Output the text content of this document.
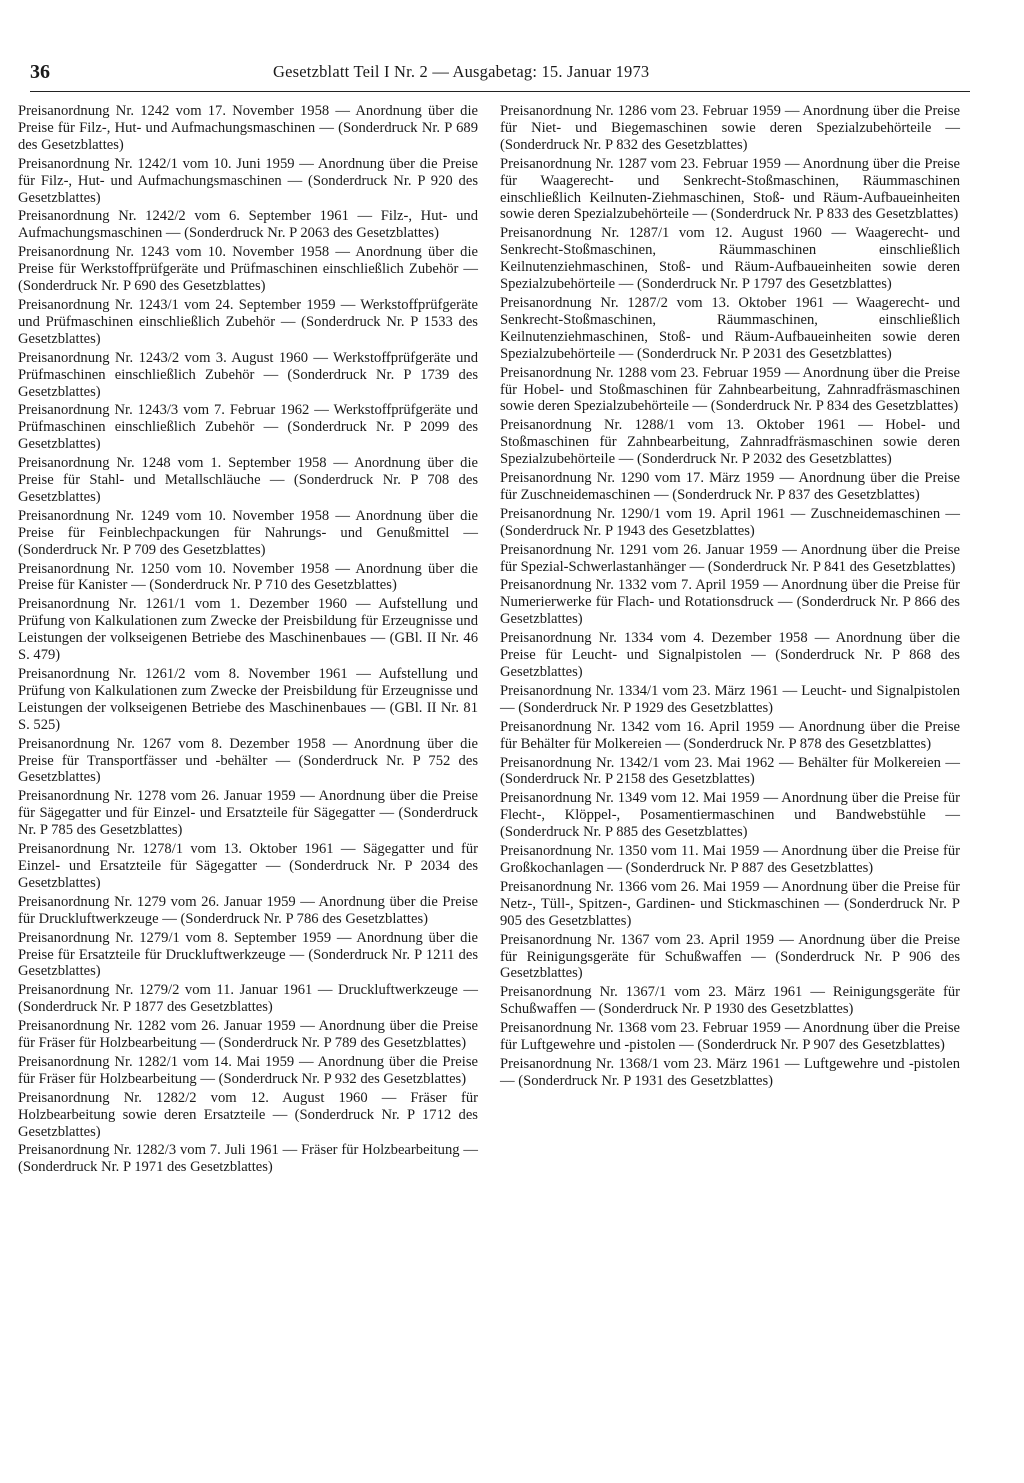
36	Gesetzblatt Teil I Nr. 2 — Ausgabetag: 15. Januar 1973

Preisanordnung Nr. 1242 vom 17. November 1958 — Anordnung über die Preise für Filz-, Hut- und Aufmachungsmaschinen — (Sonderdruck Nr. P 689 des Gesetzblattes)

Preisanordnung Nr. 1242/1 vom 10. Juni 1959 — Anordnung über die Preise für Filz-, Hut- und Aufmachungsmaschinen — (Sonderdruck Nr. P 920 des Gesetzblattes)

Preisanordnung Nr. 1242/2 vom 6. September 1961 — Filz-, Hut- und Aufmachungsmaschinen — (Sonderdruck Nr. P 2063 des Gesetzblattes)

Preisanordnung Nr. 1243 vom 10. November 1958 — Anordnung über die Preise für Werkstoffprüfgeräte und Prüfmaschinen einschließlich Zubehör — (Sonderdruck Nr. P 690 des Gesetzblattes)

Preisanordnung Nr. 1243/1 vom 24. September 1959 — Werkstoffprüfgeräte und Prüfmaschinen einschließlich Zubehör — (Sonderdruck Nr. P 1533 des Gesetzblattes)

Preisanordnung Nr. 1243/2 vom 3. August 1960 — Werkstoffprüfgeräte und Prüfmaschinen einschließlich Zubehör — (Sonderdruck Nr. P 1739 des Gesetzblattes)

Preisanordnung Nr. 1243/3 vom 7. Februar 1962 — Werkstoffprüfgeräte und Prüfmaschinen einschließlich Zubehör — (Sonderdruck Nr. P 2099 des Gesetzblattes)

Preisanordnung Nr. 1248 vom 1. September 1958 — Anordnung über die Preise für Stahl- und Metallschläuche — (Sonderdruck Nr. P 708 des Gesetzblattes)

Preisanordnung Nr. 1249 vom 10. November 1958 — Anordnung über die Preise für Feinblechpackungen für Nahrungs- und Genußmittel — (Sonderdruck Nr. P 709 des Gesetzblattes)

Preisanordnung Nr. 1250 vom 10. November 1958 — Anordnung über die Preise für Kanister — (Sonderdruck Nr. P 710 des Gesetzblattes)

Preisanordnung Nr. 1261/1 vom 1. Dezember 1960 — Aufstellung und Prüfung von Kalkulationen zum Zwecke der Preisbildung für Erzeugnisse und Leistungen der volkseigenen Betriebe des Maschinenbaues — (GBl. II Nr. 46 S. 479)

Preisanordnung Nr. 1261/2 vom 8. November 1961 — Aufstellung und Prüfung von Kalkulationen zum Zwecke der Preisbildung für Erzeugnisse und Leistungen der volkseigenen Betriebe des Maschinenbaues — (GBl. II Nr. 81 S. 525)

Preisanordnung Nr. 1267 vom 8. Dezember 1958 — Anordnung über die Preise für Transportfässer und -behälter — (Sonderdruck Nr. P 752 des Gesetzblattes)

Preisanordnung Nr. 1278 vom 26. Januar 1959 — Anordnung über die Preise für Sägegatter und für Einzel- und Ersatzteile für Sägegatter — (Sonderdruck Nr. P 785 des Gesetzblattes)

Preisanordnung Nr. 1278/1 vom 13. Oktober 1961 — Sägegatter und für Einzel- und Ersatzteile für Sägegatter — (Sonderdruck Nr. P 2034 des Gesetzblattes)

Preisanordnung Nr. 1279 vom 26. Januar 1959 — Anordnung über die Preise für Druckluftwerkzeuge — (Sonderdruck Nr. P 786 des Gesetzblattes)

Preisanordnung Nr. 1279/1 vom 8. September 1959 — Anordnung über die Preise für Ersatzteile für Druckluftwerkzeuge — (Sonderdruck Nr. P 1211 des Gesetzblattes)

Preisanordnung Nr. 1279/2 vom 11. Januar 1961 — Druckluftwerkzeuge — (Sonderdruck Nr. P 1877 des Gesetzblattes)

Preisanordnung Nr. 1282 vom 26. Januar 1959 — Anordnung über die Preise für Fräser für Holzbearbeitung — (Sonderdruck Nr. P 789 des Gesetzblattes)

Preisanordnung Nr. 1282/1 vom 14. Mai 1959 — Anordnung über die Preise für Fräser für Holzbearbeitung — (Sonderdruck Nr. P 932 des Gesetzblattes)

Preisanordnung Nr. 1282/2 vom 12. August 1960 — Fräser für Holzbearbeitung sowie deren Ersatzteile — (Sonderdruck Nr. P 1712 des Gesetzblattes)

Preisanordnung Nr. 1282/3 vom 7. Juli 1961 — Fräser für Holzbearbeitung — (Sonderdruck Nr. P 1971 des Gesetzblattes)

Preisanordnung Nr. 1286 vom 23. Februar 1959 — Anordnung über die Preise für Niet- und Biegemaschinen sowie deren Spezialzubehörteile — (Sonderdruck Nr. P 832 des Gesetzblattes)

Preisanordnung Nr. 1287 vom 23. Februar 1959 — Anordnung über die Preise für Waagerecht- und Senkrecht-Stoßmaschinen, Räummaschinen einschließlich Keilnuten-Ziehmaschinen, Stoß- und Räum-Aufbaueinheiten sowie deren Spezialzubehörteile — (Sonderdruck Nr. P 833 des Gesetzblattes)

Preisanordnung Nr. 1287/1 vom 12. August 1960 — Waagerecht- und Senkrecht-Stoßmaschinen, Räummaschinen einschließlich Keilnutenziehmaschinen, Stoß- und Räum-Aufbaueinheiten sowie deren Spezialzubehörteile — (Sonderdruck Nr. P 1797 des Gesetzblattes)

Preisanordnung Nr. 1287/2 vom 13. Oktober 1961 — Waagerecht- und Senkrecht-Stoßmaschinen, Räummaschinen, einschließlich Keilnutenziehmaschinen, Stoß- und Räum-Aufbaueinheiten sowie deren Spezialzubehörteile — (Sonderdruck Nr. P 2031 des Gesetzblattes)

Preisanordnung Nr. 1288 vom 23. Februar 1959 — Anordnung über die Preise für Hobel- und Stoßmaschinen für Zahnbearbeitung, Zahnradfräsmaschinen sowie deren Spezialzubehörteile — (Sonderdruck Nr. P 834 des Gesetzblattes)

Preisanordnung Nr. 1288/1 vom 13. Oktober 1961 — Hobel- und Stoßmaschinen für Zahnbearbeitung, Zahnradfräsmaschinen sowie deren Spezialzubehörteile — (Sonderdruck Nr. P 2032 des Gesetzblattes)

Preisanordnung Nr. 1290 vom 17. März 1959 — Anordnung über die Preise für Zuschneidemaschinen — (Sonderdruck Nr. P 837 des Gesetzblattes)

Preisanordnung Nr. 1290/1 vom 19. April 1961 — Zuschneidemaschinen — (Sonderdruck Nr. P 1943 des Gesetzblattes)

Preisanordnung Nr. 1291 vom 26. Januar 1959 — Anordnung über die Preise für Spezial-Schwerlastanhänger — (Sonderdruck Nr. P 841 des Gesetzblattes)

Preisanordnung Nr. 1332 vom 7. April 1959 — Anordnung über die Preise für Numerierwerke für Flach- und Rotationsdruck — (Sonderdruck Nr. P 866 des Gesetzblattes)

Preisanordnung Nr. 1334 vom 4. Dezember 1958 — Anordnung über die Preise für Leucht- und Signalpistolen — (Sonderdruck Nr. P 868 des Gesetzblattes)

Preisanordnung Nr. 1334/1 vom 23. März 1961 — Leucht- und Signalpistolen — (Sonderdruck Nr. P 1929 des Gesetzblattes)

Preisanordnung Nr. 1342 vom 16. April 1959 — Anordnung über die Preise für Behälter für Molkereien — (Sonderdruck Nr. P 878 des Gesetzblattes)

Preisanordnung Nr. 1342/1 vom 23. Mai 1962 — Behälter für Molkereien — (Sonderdruck Nr. P 2158 des Gesetzblattes)

Preisanordnung Nr. 1349 vom 12. Mai 1959 — Anordnung über die Preise für Flecht-, Klöppel-, Posamentiermaschinen und Bandwebstühle — (Sonderdruck Nr. P 885 des Gesetzblattes)

Preisanordnung Nr. 1350 vom 11. Mai 1959 — Anordnung über die Preise für Großkochanlagen — (Sonderdruck Nr. P 887 des Gesetzblattes)

Preisanordnung Nr. 1366 vom 26. Mai 1959 — Anordnung über die Preise für Netz-, Tüll-, Spitzen-, Gardinen- und Stickmaschinen — (Sonderdruck Nr. P 905 des Gesetzblattes)

Preisanordnung Nr. 1367 vom 23. April 1959 — Anordnung über die Preise für Reinigungsgeräte für Schußwaffen — (Sonderdruck Nr. P 906 des Gesetzblattes)

Preisanordnung Nr. 1367/1 vom 23. März 1961 — Reinigungsgeräte für Schußwaffen — (Sonderdruck Nr. P 1930 des Gesetzblattes)

Preisanordnung Nr. 1368 vom 23. Februar 1959 — Anordnung über die Preise für Luftgewehre und -pistolen — (Sonderdruck Nr. P 907 des Gesetzblattes)

Preisanordnung Nr. 1368/1 vom 23. März 1961 — Luftgewehre und -pistolen — (Sonderdruck Nr. P 1931 des Gesetzblattes)
